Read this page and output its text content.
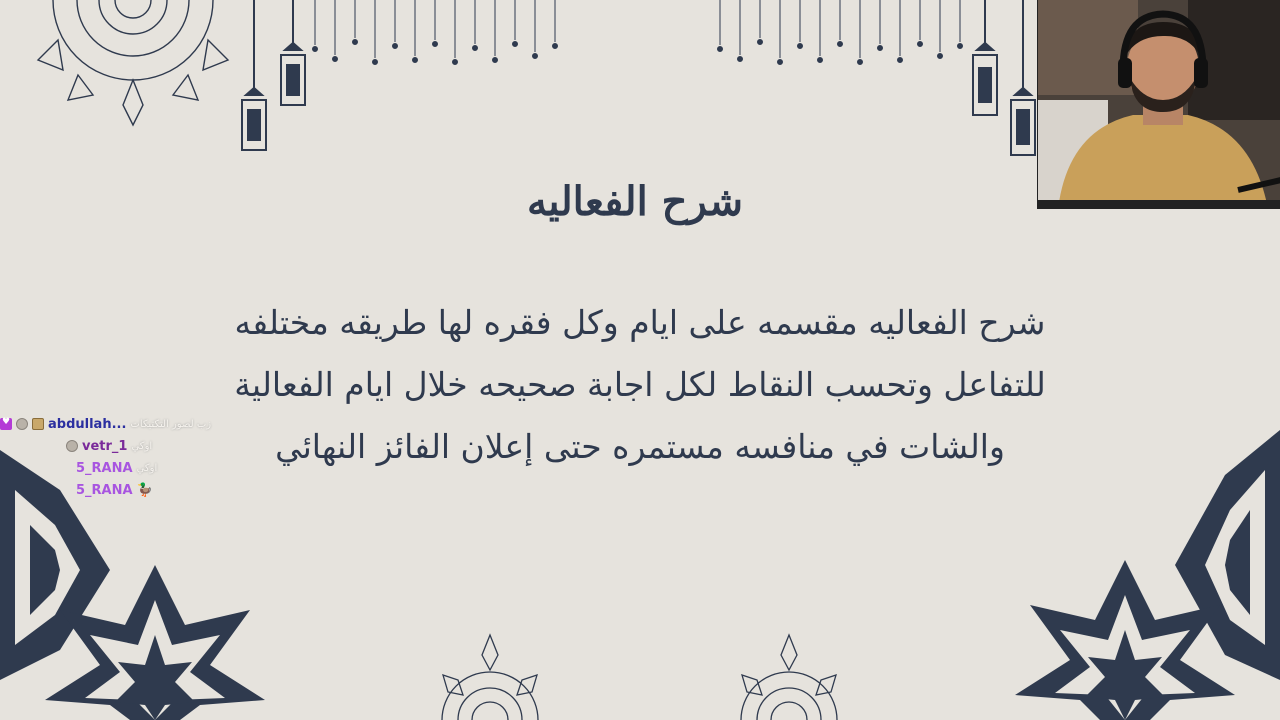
شرح الفعاليه
شرح الفعاليه مقسمه على ايام وكل فقره لها طريقه مختلفه
للتفاعل وتحسب النقاط لكل اجابة صحيحه خلال ايام الفعالية
والشات في منافسه مستمره حتى إعلان الفائز النهائي
♥
abdullah... زب لصور التكتيكات
vetr_1 اوكي
5_RANA اوكي
5_RANA 🦆
